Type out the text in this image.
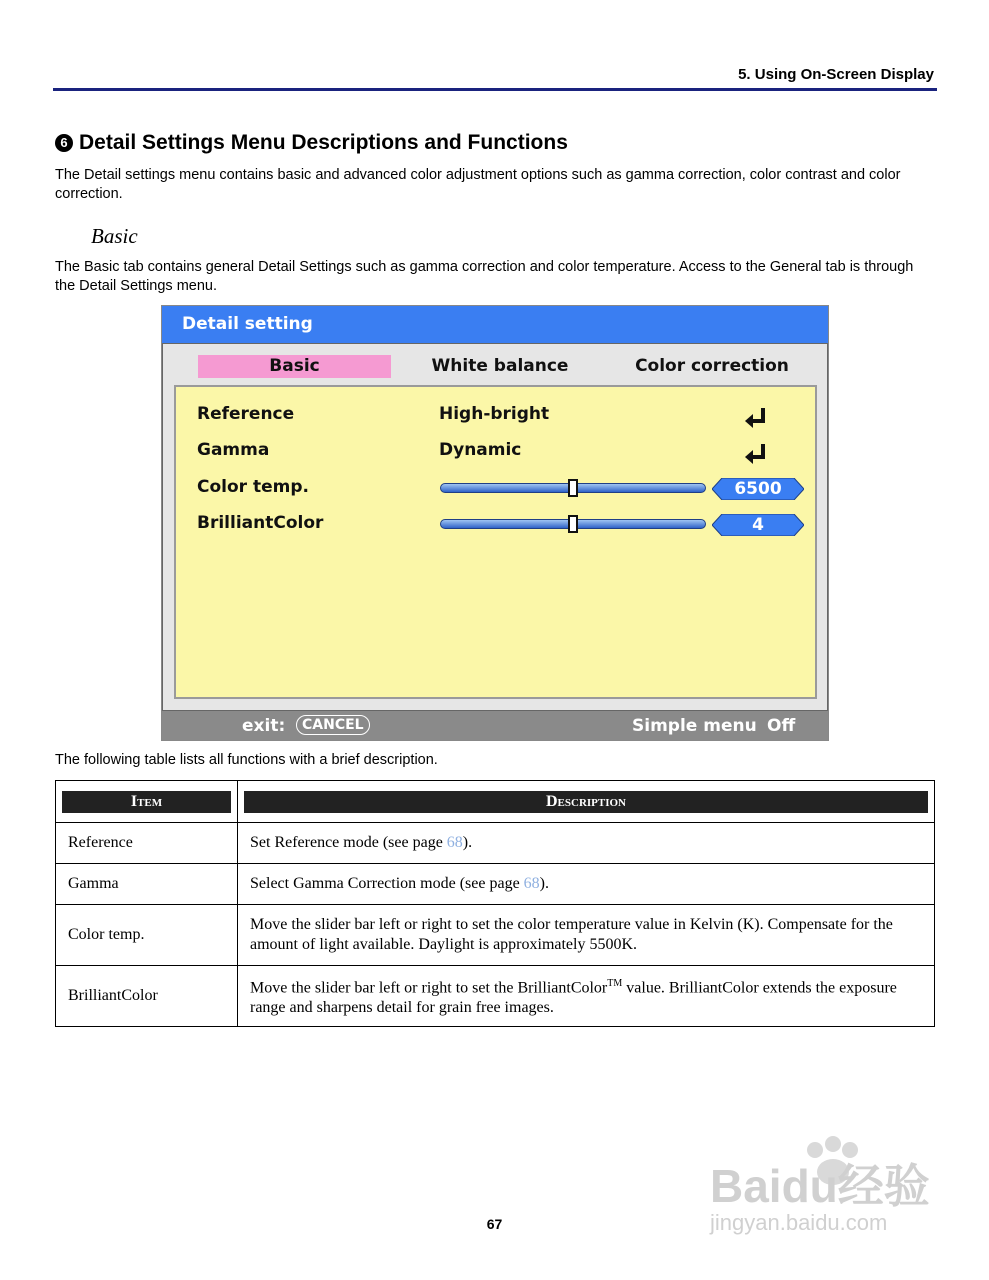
5. Using On-Screen Display
6 Detail Settings Menu Descriptions and Functions
The Detail settings menu contains basic and advanced color adjustment options such as gamma correction, color contrast and color correction.
Basic
The Basic tab contains general Detail Settings such as gamma correction and color temperature. Access to the General tab is through the Detail Settings menu.
Detail setting
Basic	White balance	Color correction
Reference	High-bright
Gamma	Dynamic
Color temp.	6500
BrilliantColor	4
exit:	CANCEL	Simple menu Off
The following table lists all functions with a brief description.
Item	Description

Reference	Set Reference mode (see page 68).
Gamma	Select Gamma Correction mode (see page 68).
Color temp.	Move the slider bar left or right to set the color temperature value in Kelvin (K). Compensate for the amount of light available. Daylight is approximately 5500K.
BrilliantColor	Move the slider bar left or right to set the BrilliantColor™ value. BrilliantColor extends the exposure range and sharpens detail for grain free images.
Baidu经验
jingyan.baidu.com
67
